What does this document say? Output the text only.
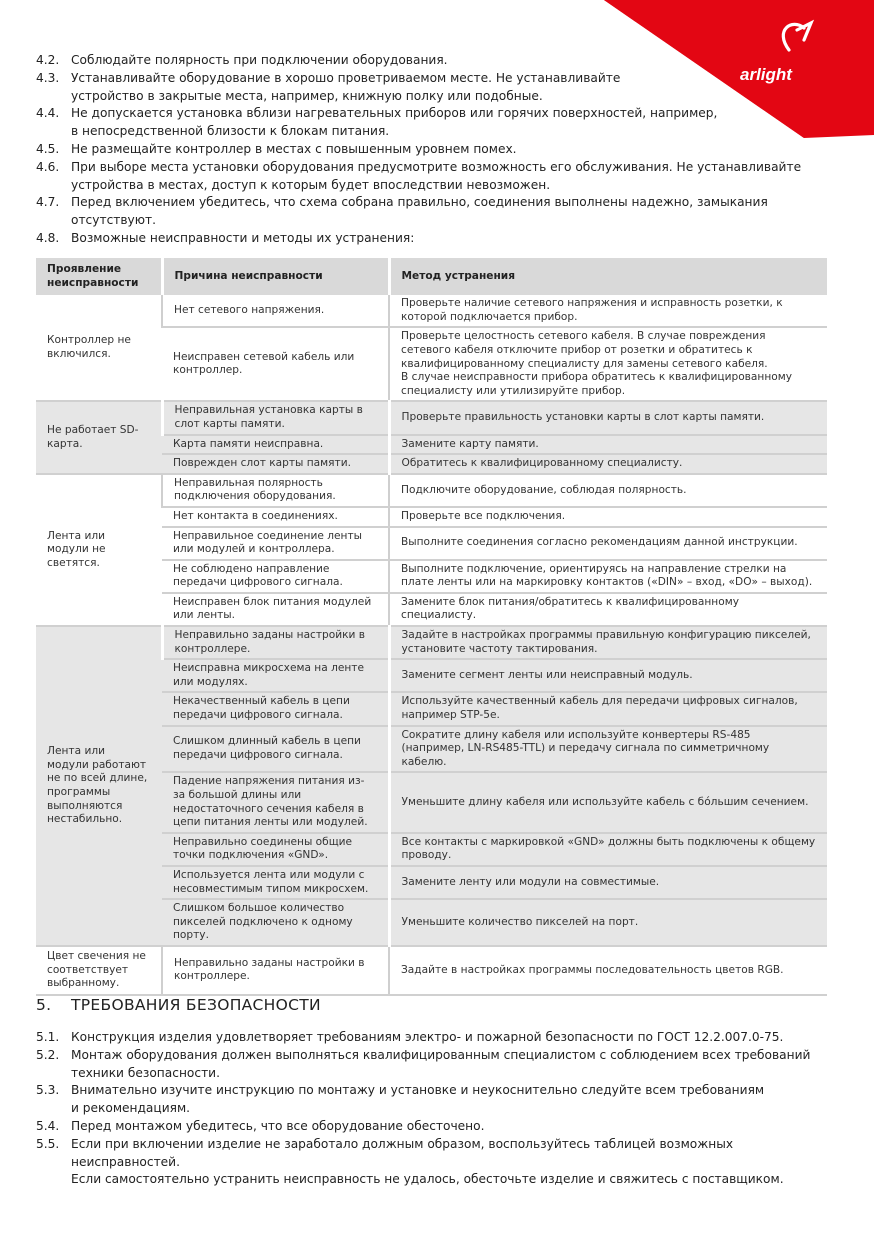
arlight
4.2. Соблюдайте полярность при подключении оборудования.
4.3. Устанавливайте оборудование в хорошо проветриваемом месте. Не устанавливайте
устройство в закрытые места, например, книжную полку или подобные.
4.4. Не допускается установка вблизи нагревательных приборов или горячих поверхностей, например,
в непосредственной близости к блокам питания.
4.5. Не размещайте контроллер в местах с повышенным уровнем помех.
4.6. При выборе места установки оборудования предусмотрите возможность его обслуживания. Не устанавливайте
устройства в местах, доступ к которым будет впоследствии невозможен.
4.7. Перед включением убедитесь, что схема собрана правильно, соединения выполнены надежно, замыкания
отсутствуют.
4.8. Возможные неисправности и методы их устранения:
Проявление неисправности	Причина неисправности	Метод устранения
Контроллер не включился.	Нет сетевого напряжения.	Проверьте наличие сетевого напряжения и исправность розетки, к которой подключается прибор.
	Неисправен сетевой кабель или контроллер.	Проверьте целостность сетевого кабеля. В случае повреждения сетевого кабеля отключите прибор от розетки и обратитесь к квалифицированному специалисту для замены сетевого кабеля.
В случае неисправности прибора обратитесь к квалифицированному специалисту или утилизируйте прибор.
Не работает SD-карта.	Неправильная установка карты в слот карты памяти.	Проверьте правильность установки карты в слот карты памяти.
	Карта памяти неисправна.	Замените карту памяти.
	Поврежден слот карты памяти.	Обратитесь к квалифицированному специалисту.
Лента или модули не светятся.	Неправильная полярность подключения оборудования.	Подключите оборудование, соблюдая полярность.
	Нет контакта в соединениях.	Проверьте все подключения.
	Неправильное соединение ленты или модулей и контроллера.	Выполните соединения согласно рекомендациям данной инструкции.
	Не соблюдено направление передачи цифрового сигнала.	Выполните подключение, ориентируясь на направление стрелки на плате ленты или на маркировку контактов («DIN» – вход, «DO» – выход).
	Неисправен блок питания модулей или ленты.	Замените блок питания/обратитесь к квалифицированному специалисту.
Лента или модули работают не по всей длине, программы выполняются нестабильно.	Неправильно заданы настройки в контроллере.	Задайте в настройках программы правильную конфигурацию пикселей, установите частоту тактирования.
	Неисправна микросхема на ленте или модулях.	Замените сегмент ленты или неисправный модуль.
	Некачественный кабель в цепи передачи цифрового сигнала.	Используйте качественный кабель для передачи цифровых сигналов, например STP-5e.
	Слишком длинный кабель в цепи передачи цифрового сигнала.	Сократите длину кабеля или используйте конвертеры RS-485 (например, LN-RS485-TTL) и передачу сигнала по симметричному кабелю.
	Падение напряжения питания из-за большой длины или недостаточного сечения кабеля в цепи питания ленты или модулей.	Уменьшите длину кабеля или используйте кабель с бóльшим сечением.
	Неправильно соединены общие точки подключения «GND».	Все контакты с маркировкой «GND» должны быть подключены к общему проводу.
	Используется лента или модули с несовместимым типом микросхем.	Замените ленту или модули на совместимые.
	Слишком большое количество пикселей подключено к одному порту.	Уменьшите количество пикселей на порт.
Цвет свечения не соответствует выбранному.	Неправильно заданы настройки в контроллере.	Задайте в настройках программы последовательность цветов RGB.
5. ТРЕБОВАНИЯ БЕЗОПАСНОСТИ
5.1. Конструкция изделия удовлетворяет требованиям электро- и пожарной безопасности по ГОСТ 12.2.007.0-75.
5.2. Монтаж оборудования должен выполняться квалифицированным специалистом с соблюдением всех требований
техники безопасности.
5.3. Внимательно изучите инструкцию по монтажу и установке и неукоснительно следуйте всем требованиям
и рекомендациям.
5.4. Перед монтажом убедитесь, что все оборудование обесточено.
5.5. Если при включении изделие не заработало должным образом, воспользуйтесь таблицей возможных неисправностей.
Если самостоятельно устранить неисправность не удалось, обесточьте изделие и свяжитесь с поставщиком.
